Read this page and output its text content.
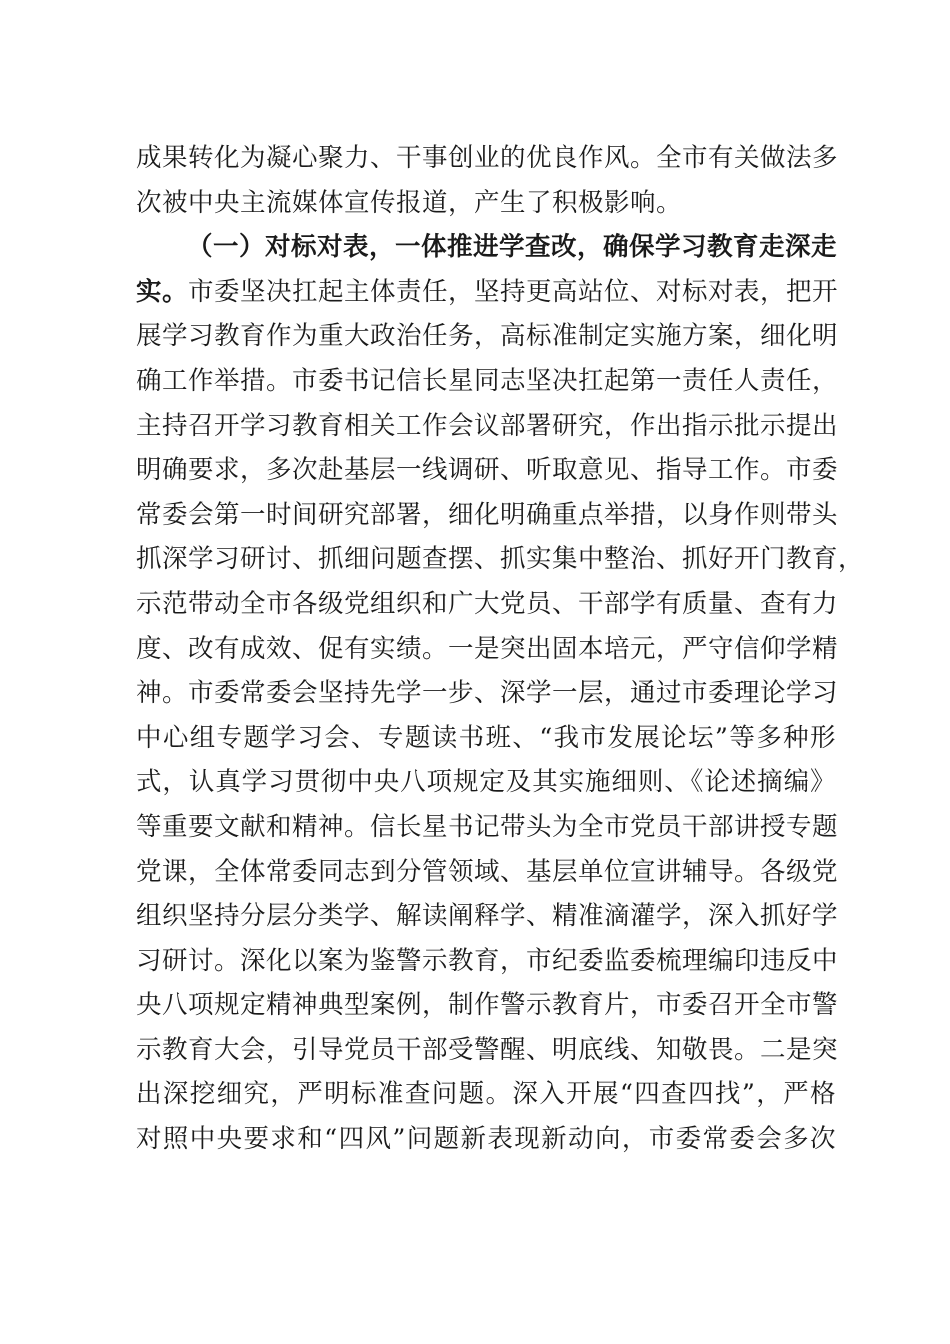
成果转化为凝心聚力、干事创业的优良作风。全市有关做法多
次被中央主流媒体宣传报道，产生了积极影响。
（一）对标对表，一体推进学查改，确保学习教育走深走
实。市委坚决扛起主体责任，坚持更高站位、对标对表，把开
展学习教育作为重大政治任务，高标准制定实施方案，细化明
确工作举措。市委书记信长星同志坚决扛起第一责任人责任，
主持召开学习教育相关工作会议部署研究，作出指示批示提出
明确要求，多次赴基层一线调研、听取意见、指导工作。市委
常委会第一时间研究部署，细化明确重点举措，以身作则带头
抓深学习研讨、抓细问题查摆、抓实集中整治、抓好开门教育，
示范带动全市各级党组织和广大党员、干部学有质量、查有力
度、改有成效、促有实绩。一是突出固本培元，严守信仰学精
神。市委常委会坚持先学一步、深学一层，通过市委理论学习
中心组专题学习会、专题读书班、“我市发展论坛”等多种形
式，认真学习贯彻中央八项规定及其实施细则、《论述摘编》
等重要文献和精神。信长星书记带头为全市党员干部讲授专题
党课，全体常委同志到分管领域、基层单位宣讲辅导。各级党
组织坚持分层分类学、解读阐释学、精准滴灌学，深入抓好学
习研讨。深化以案为鉴警示教育，市纪委监委梳理编印违反中
央八项规定精神典型案例，制作警示教育片，市委召开全市警
示教育大会，引导党员干部受警醒、明底线、知敬畏。二是突
出深挖细究，严明标准查问题。深入开展“四查四找”，严格
对照中央要求和“四风”问题新表现新动向，市委常委会多次
